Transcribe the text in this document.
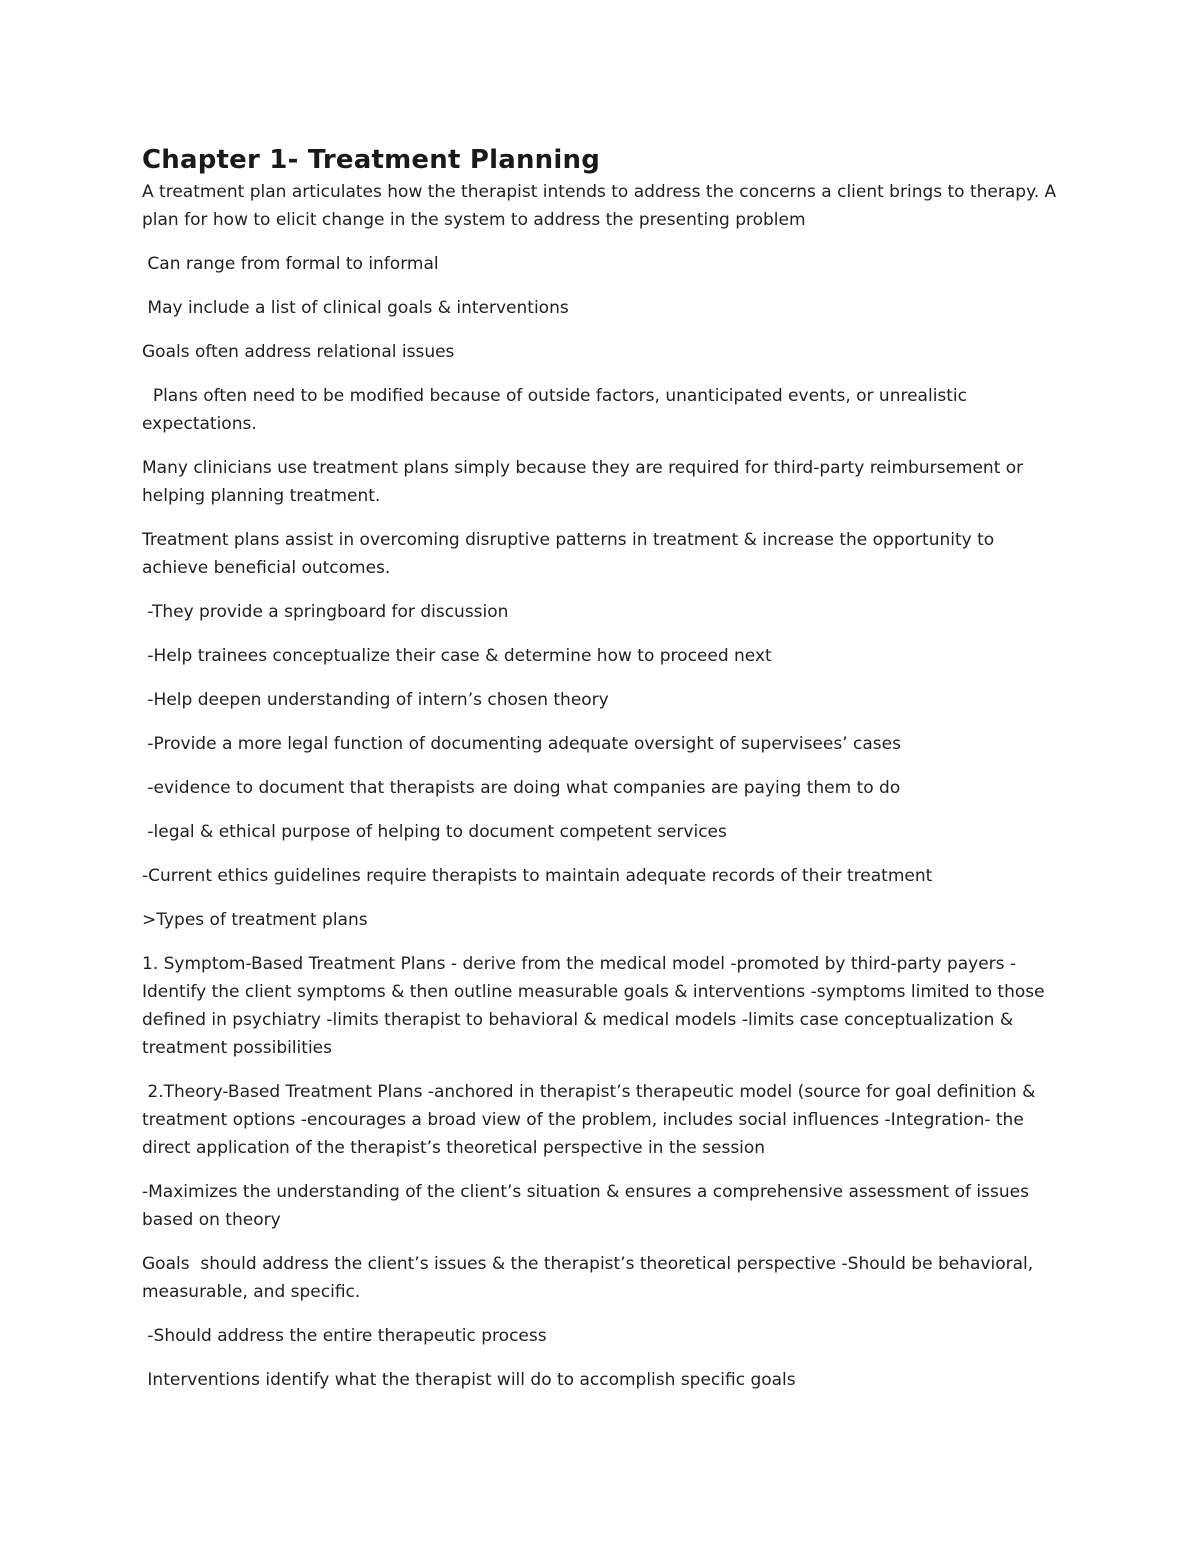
Chapter 1- Treatment Planning

A treatment plan articulates how the therapist intends to address the concerns a client brings to therapy. A plan for how to elicit change in the system to address the presenting problem

Can range from formal to informal

May include a list of clinical goals & interventions

Goals often address relational issues

Plans often need to be modified because of outside factors, unanticipated events, or unrealistic expectations.

Many clinicians use treatment plans simply because they are required for third-party reimbursement or helping planning treatment.

Treatment plans assist in overcoming disruptive patterns in treatment & increase the opportunity to achieve beneficial outcomes.

-They provide a springboard for discussion

-Help trainees conceptualize their case & determine how to proceed next

-Help deepen understanding of intern’s chosen theory

-Provide a more legal function of documenting adequate oversight of supervisees’ cases

-evidence to document that therapists are doing what companies are paying them to do

-legal & ethical purpose of helping to document competent services

-Current ethics guidelines require therapists to maintain adequate records of their treatment

>Types of treatment plans

1. Symptom-Based Treatment Plans - derive from the medical model -promoted by third-party payers - Identify the client symptoms & then outline measurable goals & interventions -symptoms limited to those defined in psychiatry -limits therapist to behavioral & medical models -limits case conceptualization & treatment possibilities

2.Theory-Based Treatment Plans -anchored in therapist’s therapeutic model (source for goal definition & treatment options -encourages a broad view of the problem, includes social influences -Integration- the direct application of the therapist’s theoretical perspective in the session

-Maximizes the understanding of the client’s situation & ensures a comprehensive assessment of issues based on theory

Goals  should address the client’s issues & the therapist’s theoretical perspective -Should be behavioral, measurable, and specific.

-Should address the entire therapeutic process

Interventions identify what the therapist will do to accomplish specific goals
